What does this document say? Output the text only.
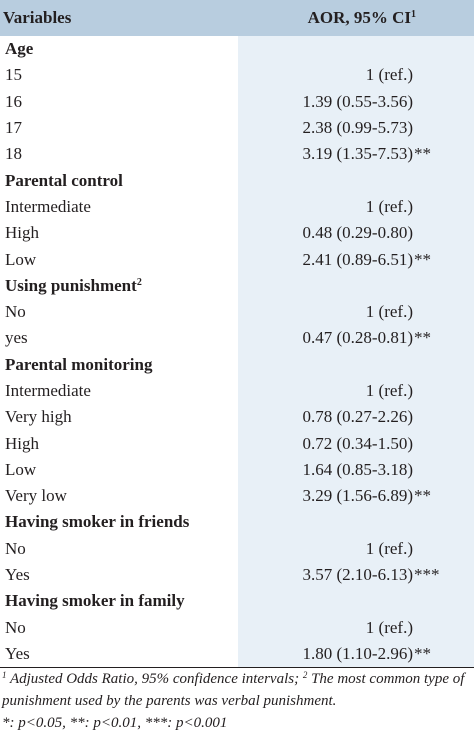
Variables	AOR, 95% $CI^1$
Age
15	1 (ref.)
16	1.39 (0.55-3.56)
17	2.38 (0.99-5.73)
18	3.19 (1.35-7.53) **
Parental control
Intermediate	1 (ref.)
High	0.48 (0.29-0.80)
Low	2.41 (0.89-6.51) **
Using punishment$^2$
No	1 (ref.)
yes	0.47 (0.28-0.81) **
Parental monitoring
Intermediate	1 (ref.)
Very high	0.78 (0.27-2.26)
High	0.72 (0.34-1.50)
Low	1.64 (0.85-3.18)
Very low	3.29 (1.56-6.89) **
Having smoker in friends
No	1 (ref.)
Yes	3.57 (2.10-6.13) ***
Having smoker in family
No	1 (ref.)
Yes	1.80 (1.10-2.96) **
$^1$ Adjusted Odds Ratio, 95% confidence intervals; $^2$ The most common type of
punishment used by the parents was verbal punishment.
*: p<0.05, **: p<0.01, ***: p<0.001
